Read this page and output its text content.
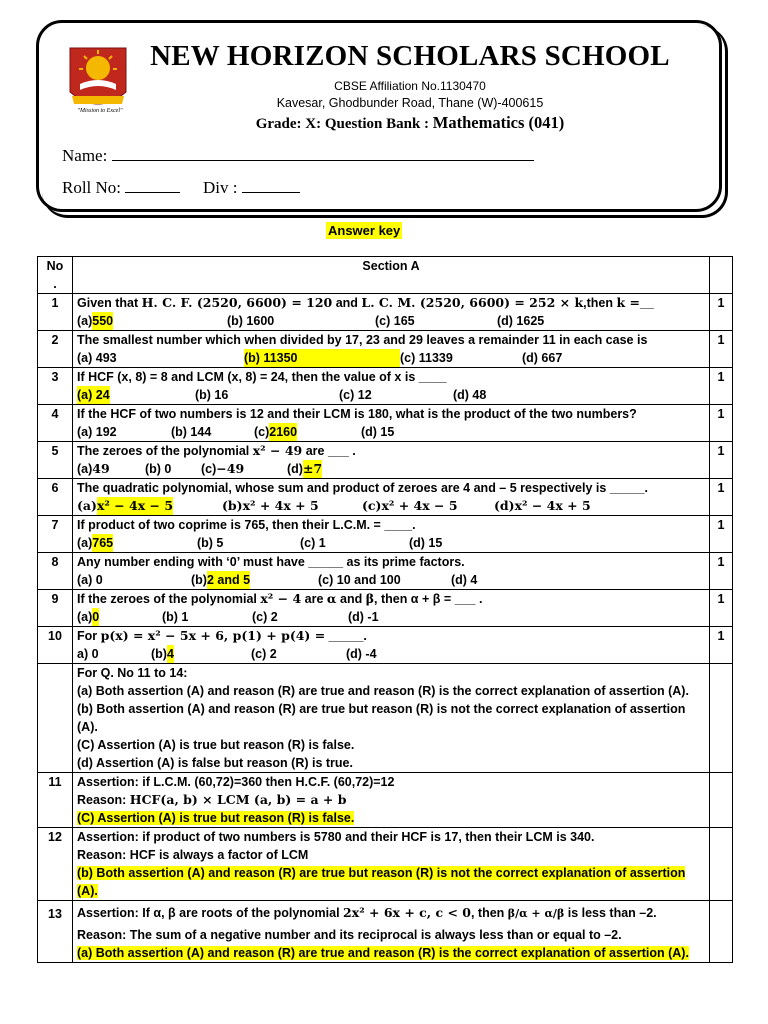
"Mission to Excel"
NEW HORIZON SCHOLARS SCHOOL
CBSE Affiliation No.1130470
Kavesar, Ghodbunder Road, Thane (W)-400615
Grade: X: Question Bank : Mathematics (041)
Name:
Roll No:	Div :
Answer key
No
.	Section A	
1	Given that H. C. F. (2520, 6600) = 120 and L. C. M. (2520, 6600) = 252 × k,then k =__
(a)550 (b) 1600 (c) 165 (d) 1625	1
2	The smallest number which when divided by 17, 23 and 29 leaves a remainder 11 in each case is
(a) 493 (b) 11350 (c) 11339 (d) 667	1
3	If HCF (x, 8) = 8 and LCM (x, 8) = 24, then the value of x is ____
(a) 24 (b) 16 (c) 12 (d) 48	1
4	If the HCF of two numbers is 12 and their LCM is 180, what is the product of the two numbers?
(a) 192 (b) 144 (c)2160 (d) 15	1
5	The zeroes of the polynomial x² − 49 are ___ .
(a)49 (b) 0 (c)−49 (d)±7	1
6	The quadratic polynomial, whose sum and product of zeroes are 4 and – 5 respectively is _____.
(a)x² − 4x − 5 (b)x² + 4x + 5 (c)x² + 4x − 5 (d)x² − 4x + 5	1
7	If product of two coprime is 765, then their L.C.M. = ____.
(a)765 (b) 5 (c) 1 (d) 15	1
8	Any number ending with ‘0’ must have _____ as its prime factors.
(a) 0 (b)2 and 5 (c) 10 and 100 (d) 4	1
9	If the zeroes of the polynomial x² − 4 are α and β, then α + β = ___ .
(a)0 (b) 1 (c) 2 (d) -1	1
10	For p(x) = x² − 5x + 6, p(1) + p(4) = _____.
a) 0 (b)4 (c) 2 (d) -4	1

	For Q. No 11 to 14:
(a) Both assertion (A) and reason (R) are true and reason (R) is the correct explanation of assertion (A).
(b) Both assertion (A) and reason (R) are true but reason (R) is not the correct explanation of assertion (A).
(C) Assertion (A) is true but reason (R) is false.
(d) Assertion (A) is false but reason (R) is true.	

11	Assertion: if L.C.M. (60,72)=360 then H.C.F. (60,72)=12
Reason: HCF(a, b) × LCM (a, b) = a + b
(C) Assertion (A) is true but reason (R) is false.	

12	Assertion: if product of two numbers is 5780 and their HCF is 17, then their LCM is 340.
Reason: HCF is always a factor of LCM
(b) Both assertion (A) and reason (R) are true but reason (R) is not the correct explanation of assertion (A).	

13	Assertion: If α, β are roots of the polynomial 2x² + 6x + c, c < 0, then β/α + α/β is less than –2.
Reason: The sum of a negative number and its reciprocal is always less than or equal to –2.
(a) Both assertion (A) and reason (R) are true and reason (R) is the correct explanation of assertion (A).	
